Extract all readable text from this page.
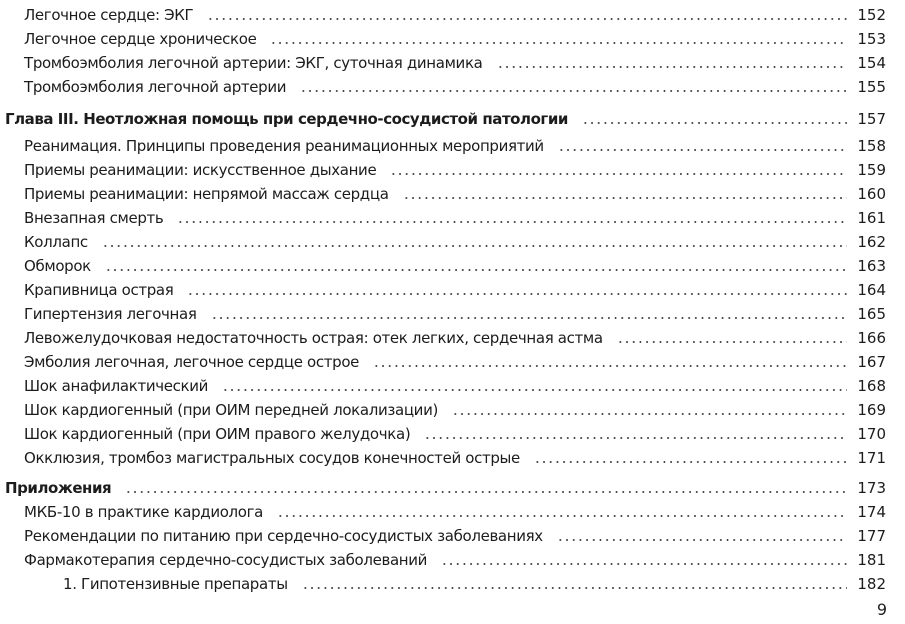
Легочное сердце: ЭКГ	152
Легочное сердце хроническое	153
Тромбоэмболия легочной артерии: ЭКГ, суточная динамика	154
Тромбоэмболия легочной артерии	155
Глава III. Неотложная помощь при сердечно-сосудистой патологии	157
Реанимация. Принципы проведения реанимационных мероприятий	158
Приемы реанимации: искусственное дыхание	159
Приемы реанимации: непрямой массаж сердца	160
Внезапная смерть	161
Коллапс	162
Обморок	163
Крапивница острая	164
Гипертензия легочная	165
Левожелудочковая недостаточность острая: отек легких, сердечная астма	166
Эмболия легочная, легочное сердце острое	167
Шок анафилактический	168
Шок кардиогенный (при ОИМ передней локализации)	169
Шок кардиогенный (при ОИМ правого желудочка)	170
Окклюзия, тромбоз магистральных сосудов конечностей острые	171
Приложения	173
МКБ-10 в практике кардиолога	174
Рекомендации по питанию при сердечно-сосудистых заболеваниях	177
Фармакотерапия сердечно-сосудистых заболеваний	181
1. Гипотензивные препараты	182
9
